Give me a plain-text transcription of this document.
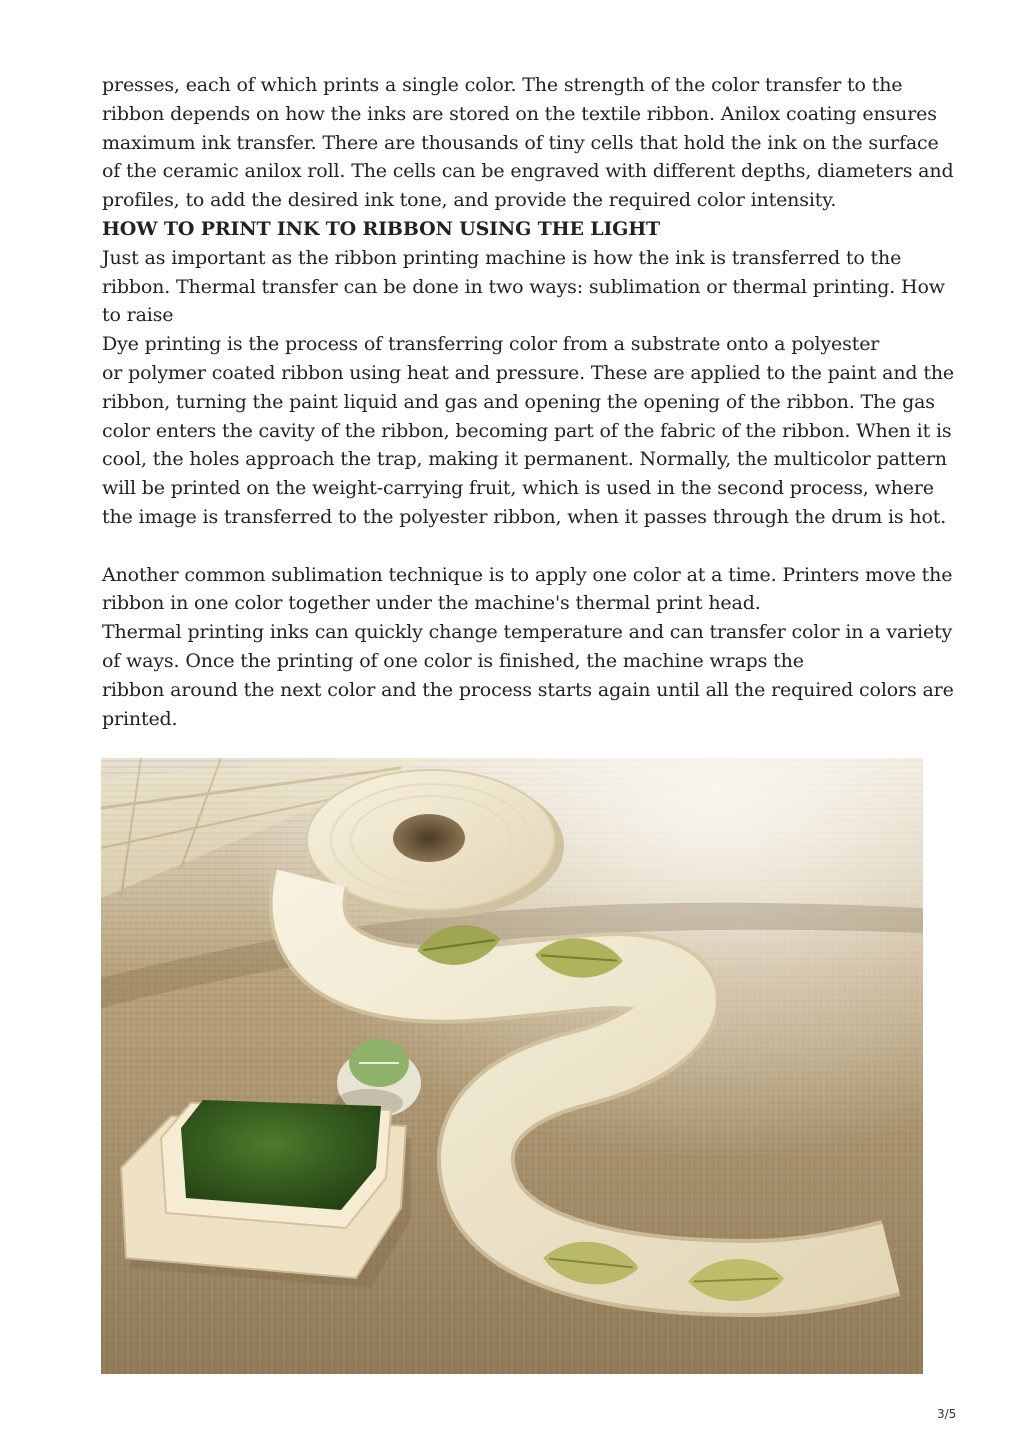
presses, each of which prints a single color. The strength of the color transfer to the
ribbon depends on how the inks are stored on the textile ribbon. Anilox coating ensures
maximum ink transfer. There are thousands of tiny cells that hold the ink on the surface
of the ceramic anilox roll. The cells can be engraved with different depths, diameters and
profiles, to add the desired ink tone, and provide the required color intensity.
HOW TO PRINT INK TO RIBBON USING THE LIGHT
Just as important as the ribbon printing machine is how the ink is transferred to the
ribbon. Thermal transfer can be done in two ways: sublimation or thermal printing. How
to raise
Dye printing is the process of transferring color from a substrate onto a polyester
or polymer coated ribbon using heat and pressure. These are applied to the paint and the
ribbon, turning the paint liquid and gas and opening the opening of the ribbon. The gas
color enters the cavity of the ribbon, becoming part of the fabric of the ribbon. When it is
cool, the holes approach the trap, making it permanent. Normally, the multicolor pattern
will be printed on the weight-carrying fruit, which is used in the second process, where
the image is transferred to the polyester ribbon, when it passes through the drum is hot.
Another common sublimation technique is to apply one color at a time. Printers move the
ribbon in one color together under the machine's thermal print head.
Thermal printing inks can quickly change temperature and can transfer color in a variety
of ways. Once the printing of one color is finished, the machine wraps the
ribbon around the next color and the process starts again until all the required colors are
printed.
3/5
